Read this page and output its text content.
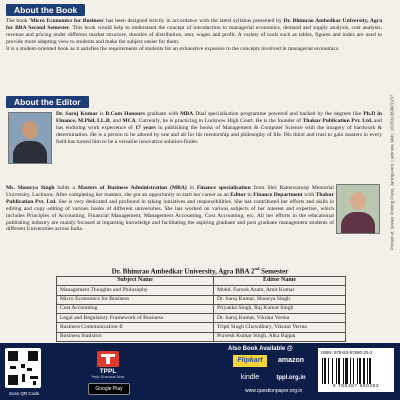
About the Book
The book 'Micro Economics for Business' has been designed strictly in accordance with the latest syllabus presented by Dr. Bhimrao Ambedkar University, Agra for BBA Second Semester. This book would help to understand the concept of introduction to managerial economics, demand and supply analysis, cost analysis, revenue and pricing under different market structure, theories of distribution, rent, wages and profit. A variety of tools such as tables, figures and index are used to provide more adapting view to students and make the subject easier for them.
It is a student-oriented book as it satisfies the requirements of students for an exhaustive exposure to the concepts involved in managerial economics.
About the Editor
Dr. Saroj Kumar is B.Com Honours graduate with MBA Dual specialisation programme powered and backed by the degrees like Ph.D in Finance, M.Phil, LL.B, and MCA. Currently, he is practicing in Lucknow High Court. He is the founder of Thakur Publication Pvt. Ltd. and has enduring work experience of 17 years in publishing the books of Management & Computer Science with the imagery of hardwork & determination. He is a person to be adored by one and all for his mentorship and philosophy of life. His thirst and trust to gain masters in every field has turned him to be a versatile innovative solution-finder.
Ms. Shourya Singh holds a Masters of Business Administration (MBA) in Finance specialisation from Shri Ramswaroop Memorial University, Lucknow. After completing her masters, she got an opportunity to start her career as an Editor in Finance Department with Thakur Publication Pvt. Ltd. She is very dedicated and profound in taking initiatives and responsibilities. She has contributed her efforts and skills in editing and copy editing of various books of different universities. She has worked on various subjects of her interest and expertise, which includes Principles of Accounting, Financial Management, Management Accounting, Cost Accounting, etc. All her efforts in the educational publishing industry are mainly focused at imparting knowledge and facilitating the aspiring graduate and post graduate management students of different Universities across India.
Dr. Bhimrao Ambedkar University, Agra BBA 2nd Semester
Subject Name	Editor Name
Management Thoughts and Philosophy	Mohd. Farook Azam, Amit Kumar
Micro Economics for Business	Dr. Saroj Kumar, Shourya Singh
Cost Accounting	Priyanka Singh, Raj Kumar Singh
Legal and Regulatory Framework of Business	Dr. Saroj Kumar, Vikrant Verma
Business Communication-II	Tripti Singh Chowdhury, Vikrant Verma
Business Statistics	Pravesh Kumar Singh, Alka Bajpai
Printed at: Sowas Printing Press, Jankipuram, Lucknow, Mob.: 9335313830/31/37
Scan QR Code
TPPL
Help Gracious Now
Google Play
Also Book Available @
Flipkart	amazon
kindle	tppl.org.in
www.questionpaper.org.in
ISBN: 978-93-87880-25-2
9 789387 880252
